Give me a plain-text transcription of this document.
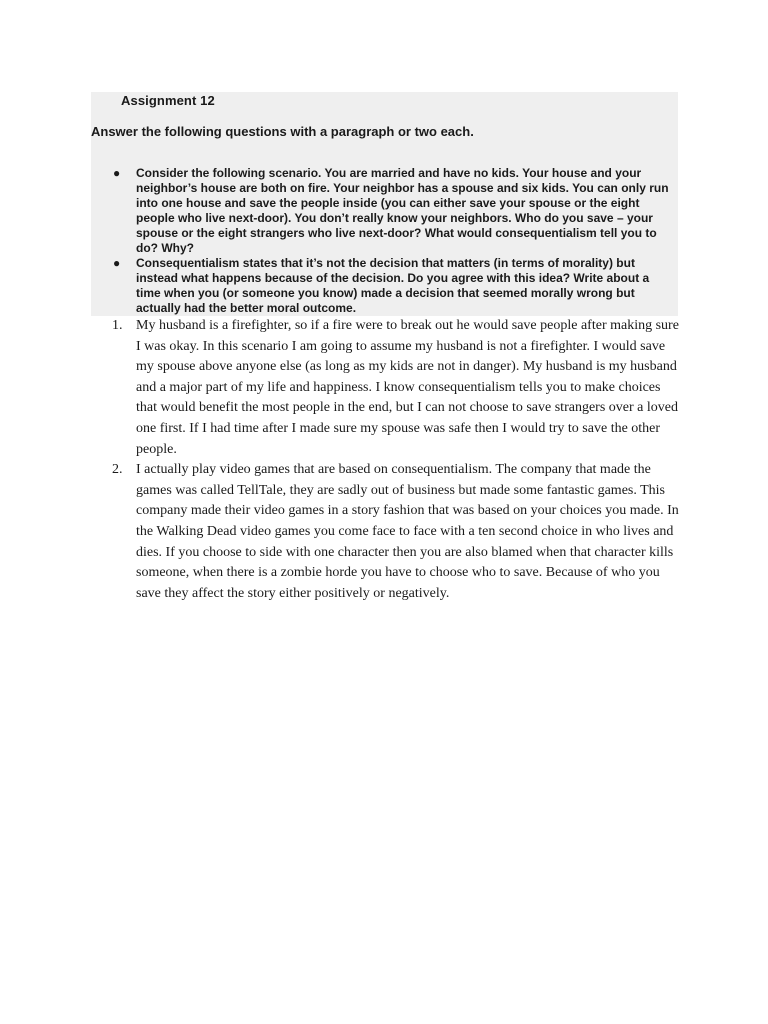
Assignment 12
Answer the following questions with a paragraph or two each.
● Consider the following scenario. You are married and have no kids. Your house and your neighbor’s house are both on fire. Your neighbor has a spouse and six kids. You can only run into one house and save the people inside (you can either save your spouse or the eight people who live next-door). You don’t really know your neighbors. Who do you save – your spouse or the eight strangers who live next-door? What would consequentialism tell you to do? Why?
● Consequentialism states that it’s not the decision that matters (in terms of morality) but instead what happens because of the decision. Do you agree with this idea? Write about a time when you (or someone you know) made a decision that seemed morally wrong but actually had the better moral outcome.
1. My husband is a firefighter, so if a fire were to break out he would save people after making sure I was okay. In this scenario I am going to assume my husband is not a firefighter. I would save my spouse above anyone else (as long as my kids are not in danger). My husband is my husband and a major part of my life and happiness. I know consequentialism tells you to make choices that would benefit the most people in the end, but I can not choose to save strangers over a loved one first. If I had time after I made sure my spouse was safe then I would try to save the other people.
2. I actually play video games that are based on consequentialism. The company that made the games was called TellTale, they are sadly out of business but made some fantastic games. This company made their video games in a story fashion that was based on your choices you made. In the Walking Dead video games you come face to face with a ten second choice in who lives and dies. If you choose to side with one character then you are also blamed when that character kills someone, when there is a zombie horde you have to choose who to save. Because of who you save they affect the story either positively or negatively.
